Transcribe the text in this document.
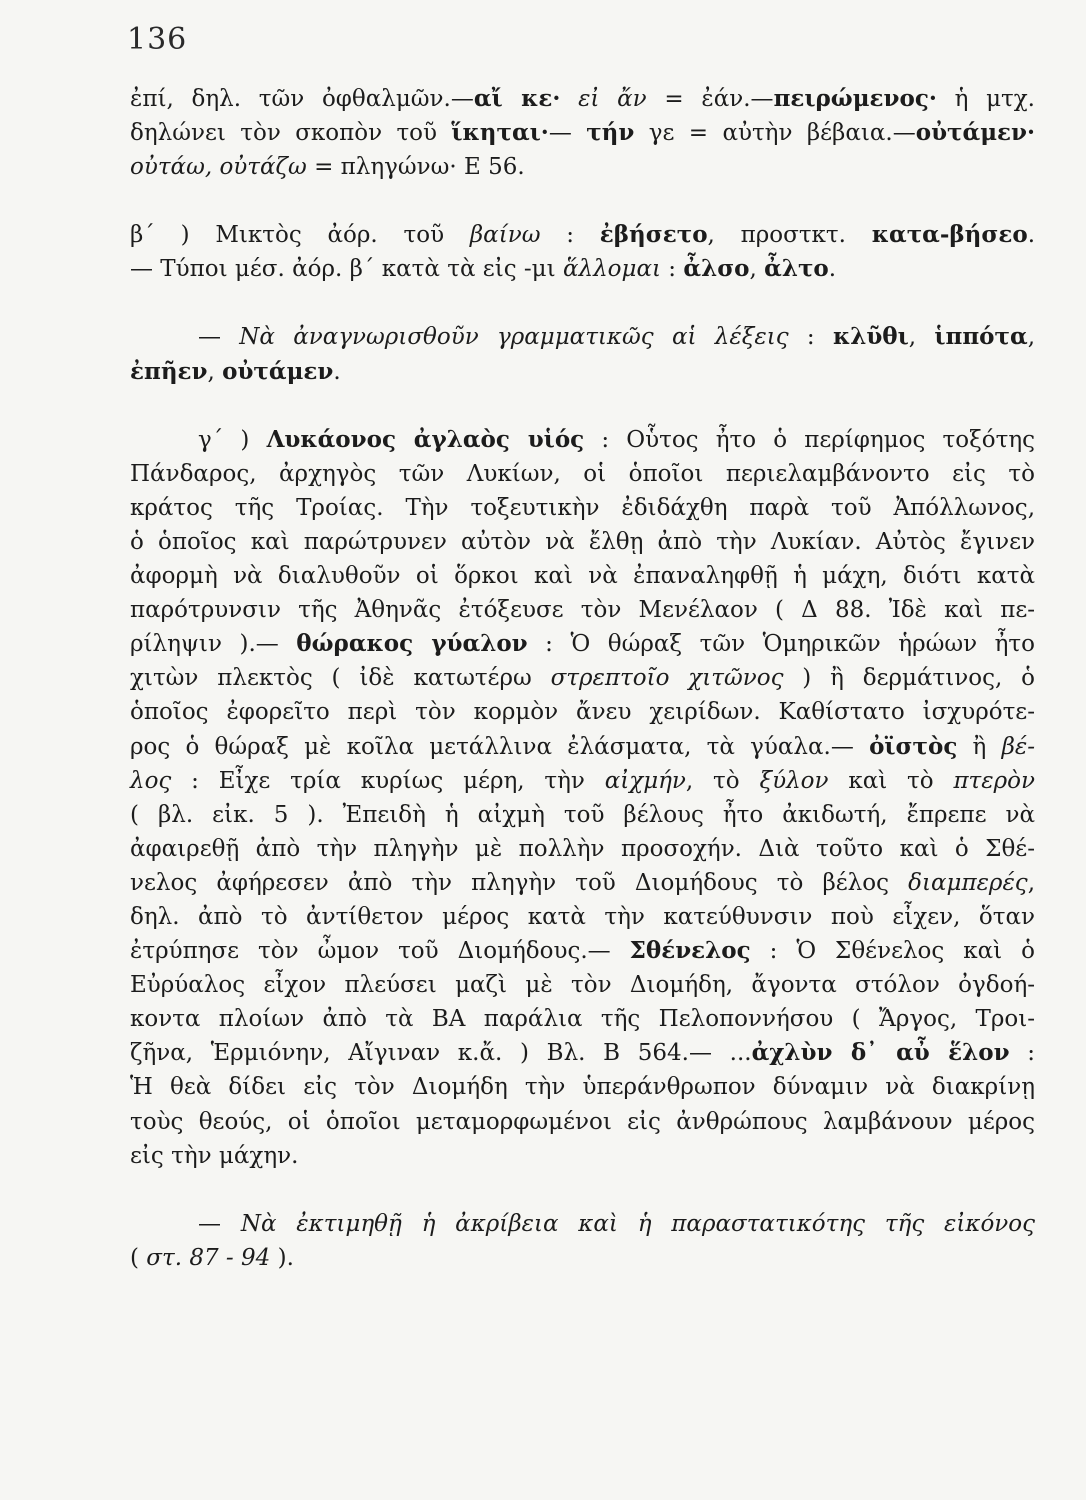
136
ἐπί, δηλ. τῶν ὀφθαλμῶν.—αἴ κε· εἰ ἄν = ἐάν.—πειρώμενος· ἡ μτχ.
δηλώνει τὸν σκοπὸν τοῦ ἵκηται·— τήν γε = αὐτὴν βέβαια.—οὐτάμεν·
οὐτάω, οὐτάζω = πληγώνω· Ε 56.
β΄ ) Μικτὸς ἀόρ. τοῦ βαίνω : ἐβήσετο, προστκτ. κατα-βήσεο.
— Τύποι μέσ. ἀόρ. β΄ κατὰ τὰ εἰς -μι ἅλλομαι : ἆλσο, ἆλτο.
— Νὰ ἀναγνωρισθοῦν γραμματικῶς αἱ λέξεις : κλῦθι, ἱππότα,
ἐπῆεν, οὐτάμεν.
γ΄ ) Λυκάονος ἀγλαὸς υἱός : Οὗτος ἦτο ὁ περίφημος τοξότης
Πάνδαρος, ἀρχηγὸς τῶν Λυκίων, οἱ ὁποῖοι περιελαμβάνοντο εἰς τὸ
κράτος τῆς Τροίας. Τὴν τοξευτικὴν ἐδιδάχθη παρὰ τοῦ Ἀπόλλωνος,
ὁ ὁποῖος καὶ παρώτρυνεν αὐτὸν νὰ ἔλθῃ ἀπὸ τὴν Λυκίαν. Αὐτὸς ἔγινεν
ἀφορμὴ νὰ διαλυθοῦν οἱ ὅρκοι καὶ νὰ ἐπαναληφθῇ ἡ μάχη, διότι κατὰ
παρότρυνσιν τῆς Ἀθηνᾶς ἐτόξευσε τὸν Μενέλαον ( Δ 88. Ἰδὲ καὶ πε-
ρίληψιν ).— θώρακος γύαλον : Ὁ θώραξ τῶν Ὁμηρικῶν ἡρώων ἦτο
χιτὼν πλεκτὸς ( ἰδὲ κατωτέρω στρεπτοῖο χιτῶνος ) ἢ δερμάτινος, ὁ
ὁποῖος ἐφορεῖτο περὶ τὸν κορμὸν ἄνευ χειρίδων. Καθίστατο ἰσχυρότε-
ρος ὁ θώραξ μὲ κοῖλα μετάλλινα ἐλάσματα, τὰ γύαλα.— ὀϊστὸς ἢ βέ-
λος : Εἶχε τρία κυρίως μέρη, τὴν αἰχμήν, τὸ ξύλον καὶ τὸ πτερὸν
( βλ. εἰκ. 5 ). Ἐπειδὴ ἡ αἰχμὴ τοῦ βέλους ἦτο ἀκιδωτή, ἔπρεπε νὰ
ἀφαιρεθῇ ἀπὸ τὴν πληγὴν μὲ πολλὴν προσοχήν. Διὰ τοῦτο καὶ ὁ Σθέ-
νελος ἀφήρεσεν ἀπὸ τὴν πληγὴν τοῦ Διομήδους τὸ βέλος διαμπερές,
δηλ. ἀπὸ τὸ ἀντίθετον μέρος κατὰ τὴν κατεύθυνσιν ποὺ εἶχεν, ὅταν
ἐτρύπησε τὸν ὦμον τοῦ Διομήδους.— Σθένελος : Ὁ Σθένελος καὶ ὁ
Εὐρύαλος εἶχον πλεύσει μαζὶ μὲ τὸν Διομήδη, ἄγοντα στόλον ὀγδοή-
κοντα πλοίων ἀπὸ τὰ ΒΑ παράλια τῆς Πελοποννήσου ( Ἄργος, Τροι-
ζῆνα, Ἑρμιόνην, Αἴγιναν κ.ἄ. ) Βλ. Β 564.— ...ἀχλὺν δ᾿ αὖ ἕλον :
Ἡ θεὰ δίδει εἰς τὸν Διομήδη τὴν ὑπεράνθρωπον δύναμιν νὰ διακρίνῃ
τοὺς θεούς, οἱ ὁποῖοι μεταμορφωμένοι εἰς ἀνθρώπους λαμβάνουν μέρος
εἰς τὴν μάχην.
— Νὰ ἐκτιμηθῇ ἡ ἀκρίβεια καὶ ἡ παραστατικότης τῆς εἰκόνος
( στ. 87 - 94 ).
